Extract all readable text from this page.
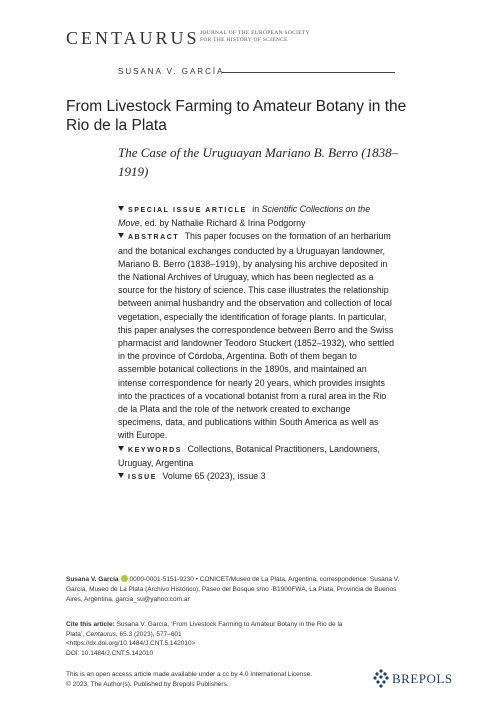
CENTAURUS JOURNAL OF THE EUROPEAN SOCIETY
FOR THE HISTORY OF SCIENCE
SUSANA V. GARCÍA
From Livestock Farming to Amateur Botany in the Rio de la Plata
The Case of the Uruguayan Mariano B. Berro (1838–1919)

SPECIAL ISSUE ARTICLE in Scientific Collections on the Move, ed. by Nathalie Richard & Irina Podgorny

ABSTRACT This paper focuses on the formation of an herbarium and the botanical exchanges conducted by a Uruguayan landowner, Mariano B. Berro (1838–1919), by analysing his archive deposited in the National Archives of Uruguay, which has been neglected as a source for the history of science. This case illustrates the relationship between animal husbandry and the observation and collection of local vegetation, especially the identification of forage plants. In particular, this paper analyses the correspondence between Berro and the Swiss pharmacist and landowner Teodoro Stuckert (1852–1932), who settled in the province of Córdoba, Argentina. Both of them began to assemble botanical collections in the 1890s, and maintained an intense correspondence for nearly 20 years, which provides insights into the practices of a vocational botanist from a rural area in the Rio de la Plata and the role of the network created to exchange specimens, data, and publications within South America as well as with Europe.

KEYWORDS Collections, Botanical Practitioners, Landowners, Uruguay, Argentina

ISSUE Volume 65 (2023), issue 3

Susana V. García 0000-0001-5151-9230 • CONICET/Museo de La Plata, Argentina, correspondence: Susana V. García, Museo de La Plata (Archivo Histórico), Paseo del Bosque s/no -B1900FWA, La Plata, Provincia de Buenos Aires, Argentina, garcia_su@yahoo.com.ar

Cite this article: Susana V. García, ‘From Livestock Farming to Amateur Botany in the Rio de la Plata’, Centaurus, 65.3 (2023), 577–601
<https://dx.doi.org/10.1484/J.CNT.5.142010>

DOI: 10.1484/J.CNT.5.142010

This is an open access article made available under a cc by 4.0 International License.

© 2023, The Author(s). Published by Brepols Publishers.	BREPOLS
